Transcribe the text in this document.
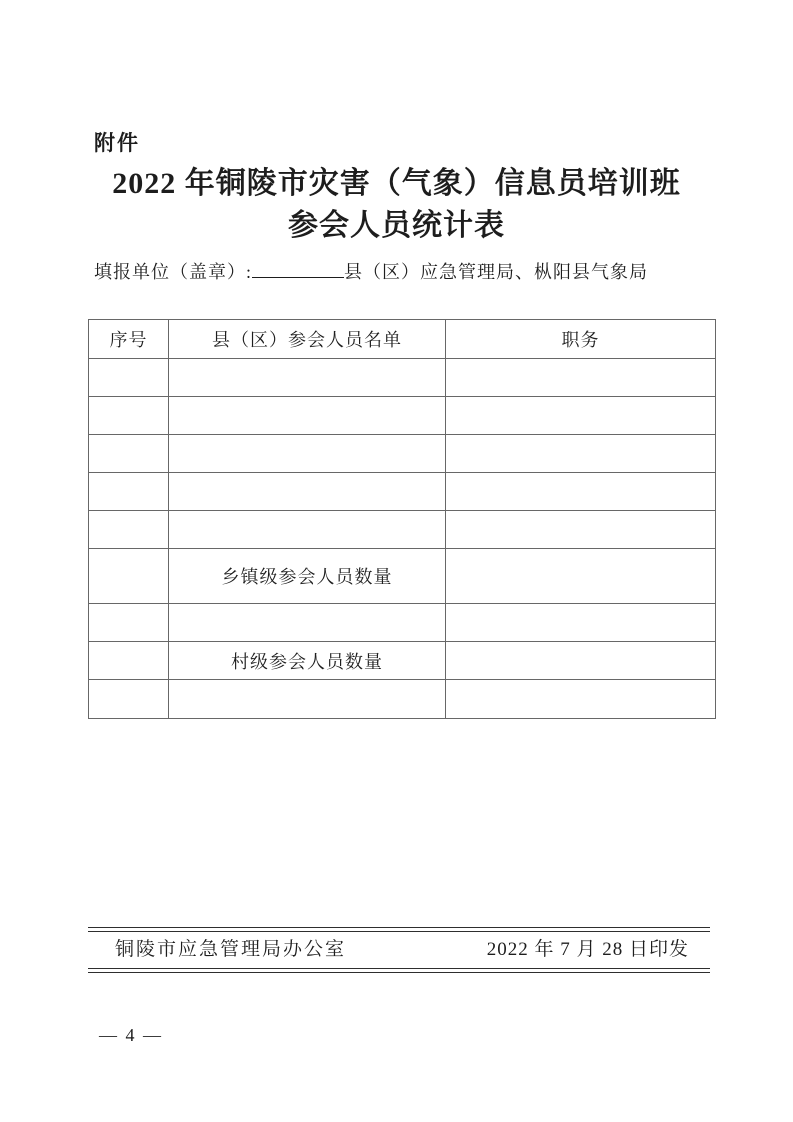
附件
2022 年铜陵市灾害（气象）信息员培训班
参会人员统计表
填报单位（盖章）:	县（区）应急管理局、枞阳县气象局
序号	县（区）参会人员名单	职务

	乡镇级参会人员数量	

	村级参会人员数量	

铜陵市应急管理局办公室	2022 年 7 月 28 日印发
— 4 —
